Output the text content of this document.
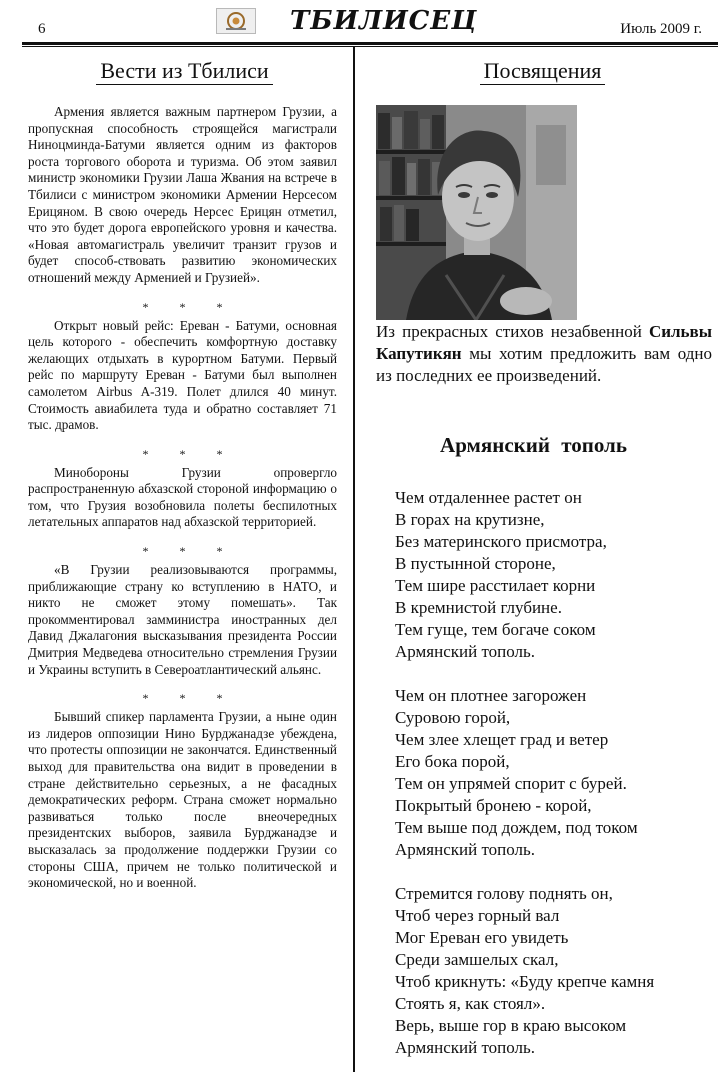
6	ТБИЛИСЕЦ	Июль 2009 г.
Вести из Тбилиси

Армения является важным партнером Грузии, а пропускная способность строящейся магистрали Ниноцминда-Батуми является одним из факторов роста торгового оборота и туризма. Об этом заявил министр экономики Грузии Лаша Жвания на встрече в Тбилиси с министром экономики Армении Нерсесом Ерицяном. В свою очередь Нерсес Ерицян отметил, что это будет дорога европейского уровня и качества. «Новая автомагистраль увеличит транзит грузов и будет способ-ствовать развитию экономических отношений между Арменией и Грузией».

* * *

Открыт новый рейс: Ереван - Батуми, основная цель которого - обеспечить комфортную доставку желающих отдыхать в курортном Батуми. Первый рейс по маршруту Ереван - Батуми был выполнен самолетом Airbus A-319. Полет длился 40 минут. Стоимость авиабилета туда и обратно составляет 71 тыс. драмов.

* * *

Минобороны Грузии опровергло распространенную абхазской стороной информацию о том, что Грузия возобновила полеты беспилотных летательных аппаратов над абхазской территорией.

* * *

«В Грузии реализовываются программы, приближающие страну ко вступлению в НАТО, и никто не сможет этому помешать». Так прокомментировал замминистра иностранных дел Давид Джалагония высказывания президента России Дмитрия Медведева относительно стремления Грузии и Украины вступить в Североатлантический альянс.

* * *

Бывший спикер парламента Грузии, а ныне один из лидеров оппозиции Нино Бурджанадзе убеждена, что протесты оппозиции не закончатся. Единственный выход для правительства она видит в проведении в стране действительно серьезных, а не фасадных демократических реформ. Страна сможет нормально развиваться только после внеочередных президентских выборов, заявила Бурджанадзе и высказалась за продолжение поддержки Грузии со стороны США, причем не только политической и экономической, но и военной.

Посвящения

Из прекрасных стихов незабвенной Сильвы Капутикян мы хотим предложить вам одно из последних ее произведений.

Армянский тополь
Чем отдаленнее растет он
В горах на крутизне,
Без материнского присмотра,
В пустынной стороне,
Тем шире расстилает корни
В кремнистой глубине.
Тем гуще, тем богаче соком
Армянский тополь.
Чем он плотнее загорожен
Суровою горой,
Чем злее хлещет град и ветер
Его бока порой,
Тем он упрямей спорит с бурей.
Покрытый бронею - корой,
Тем выше под дождем, под током
Армянский тополь.
Стремится голову поднять он,
Чтоб через горный вал
Мог Ереван его увидеть
Среди замшелых скал,
Чтоб крикнуть: «Буду крепче камня
Стоять я, как стоял».
Верь, выше гор в краю высоком
Армянский тополь.
